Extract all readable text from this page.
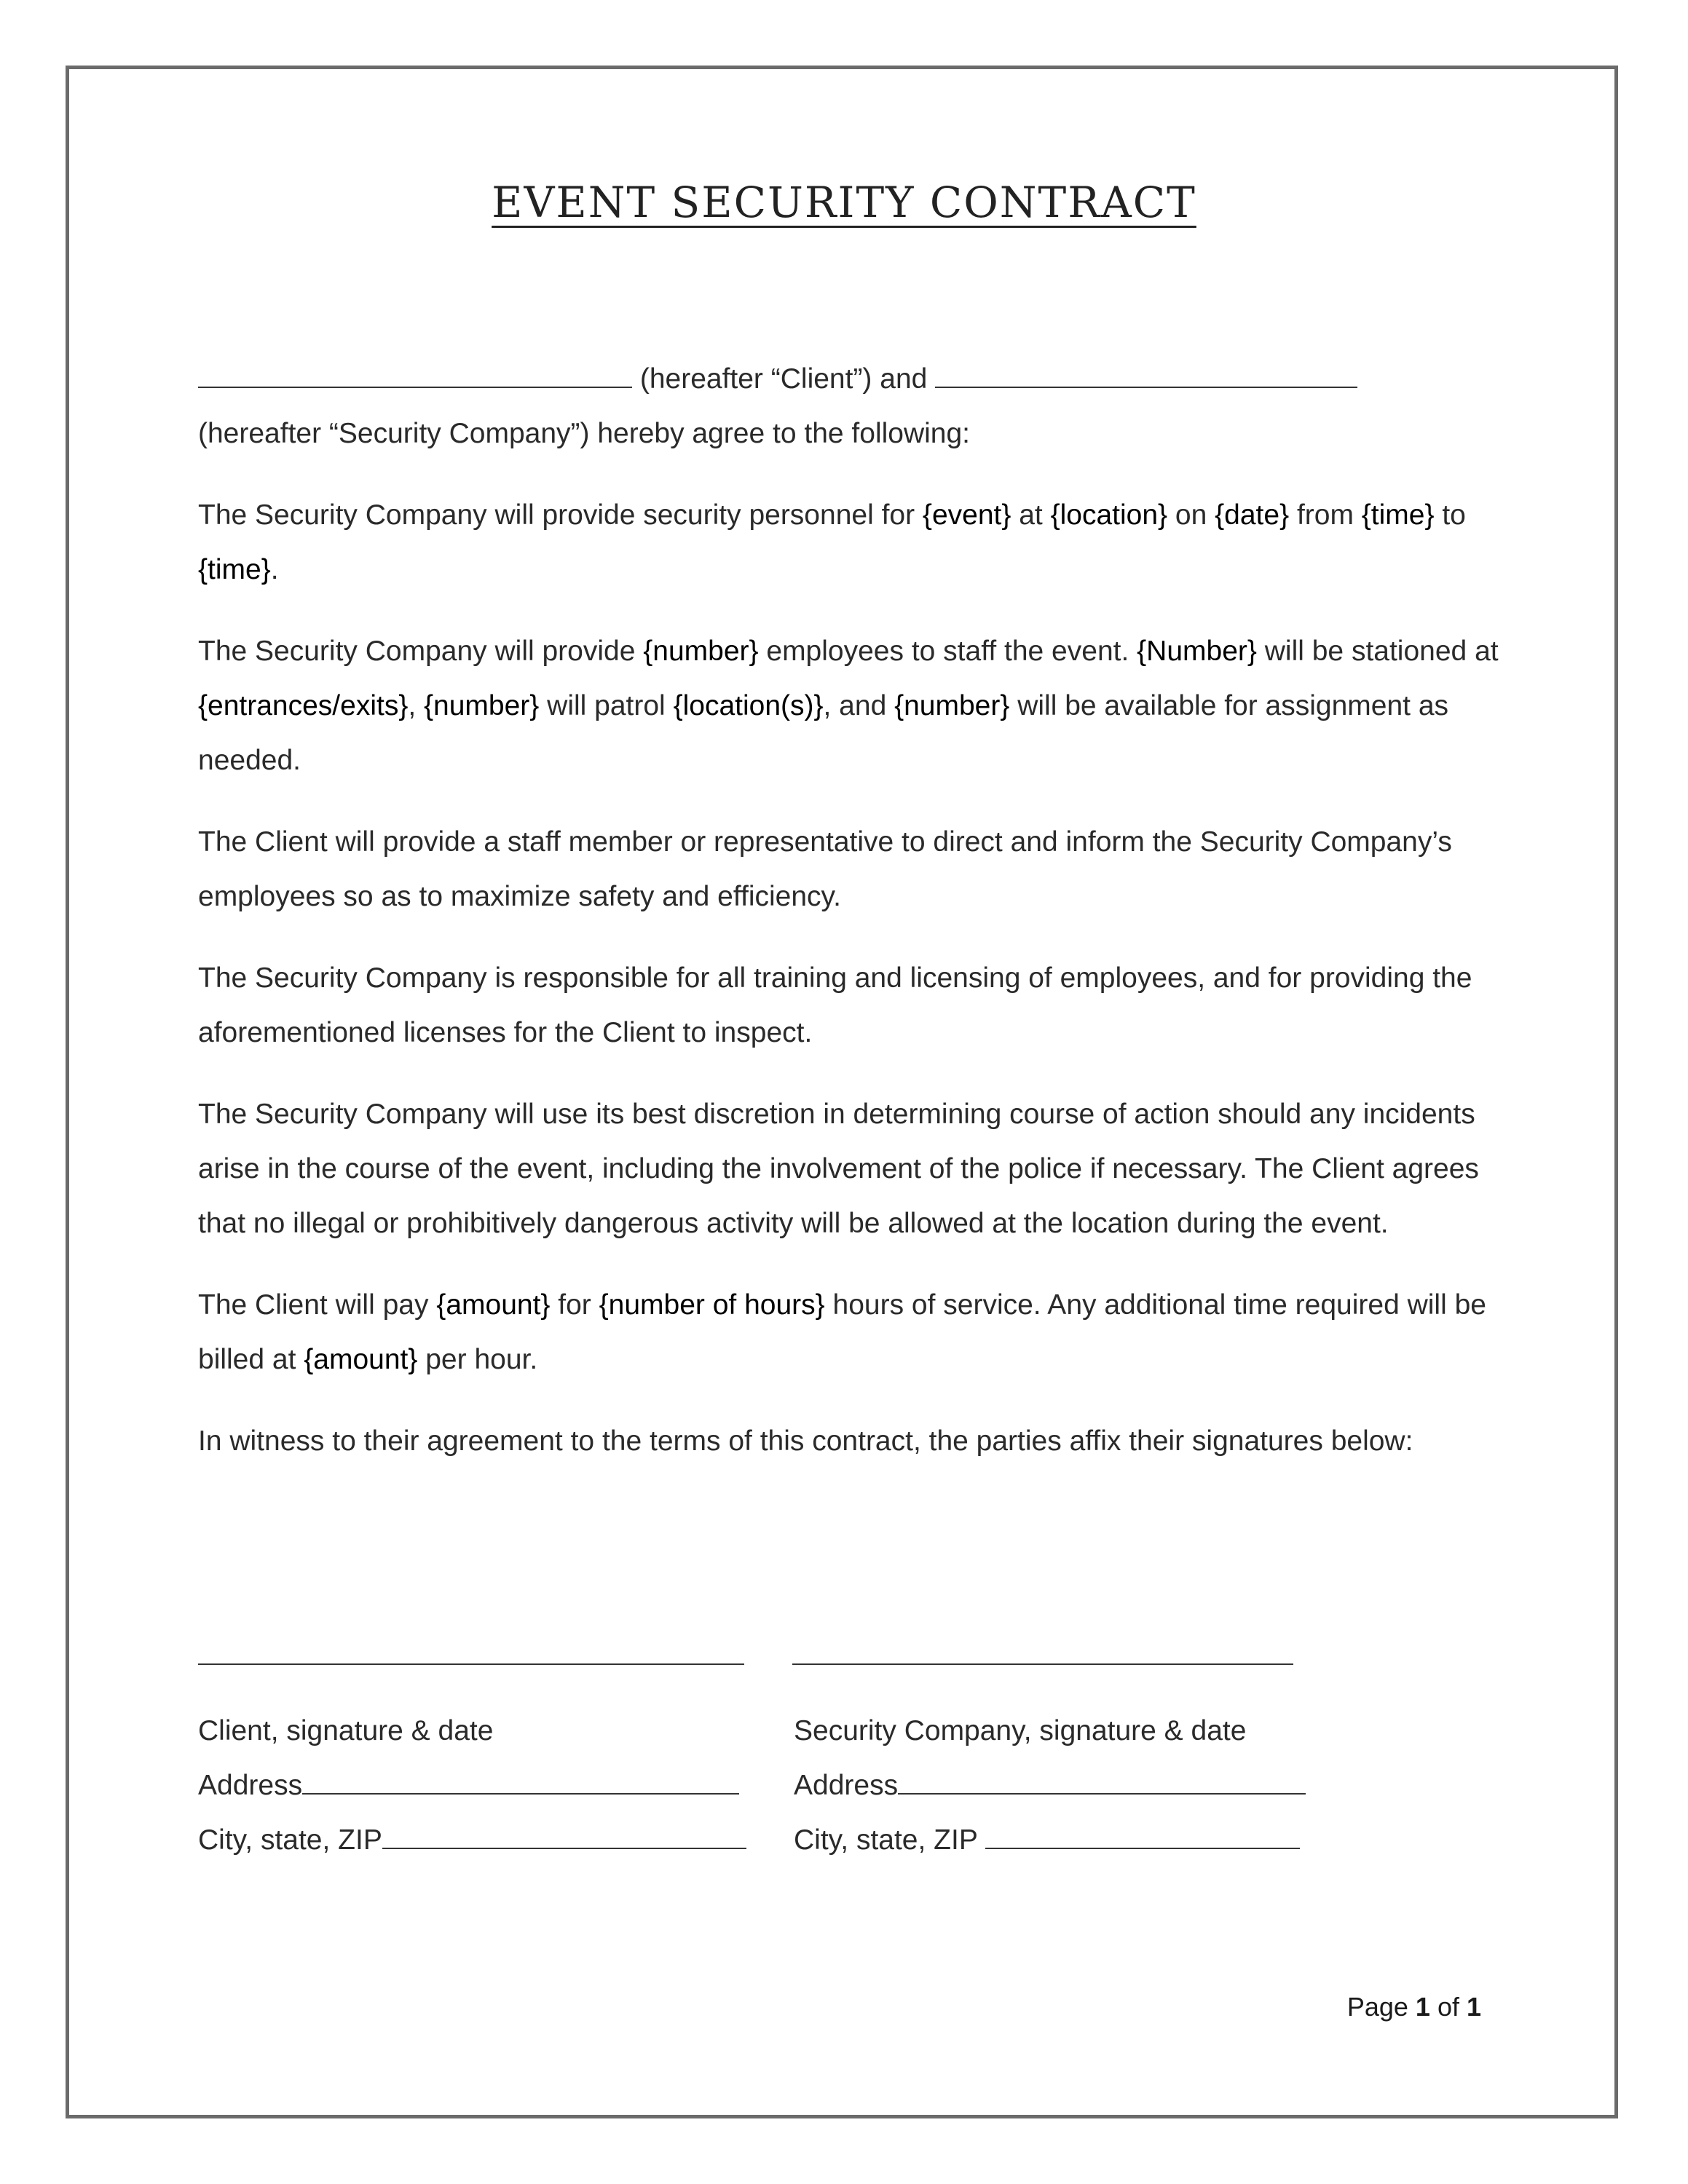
EVENT SECURITY CONTRACT

(hereafter “Client”) and
(hereafter “Security Company”) hereby agree to the following:

The Security Company will provide security personnel for {event} at {location} on {date} from {time} to {time}.

The Security Company will provide {number} employees to staff the event. {Number} will be stationed at {entrances/exits}, {number} will patrol {location(s)}, and {number} will be available for assignment as needed.

The Client will provide a staff member or representative to direct and inform the Security Company’s employees so as to maximize safety and efficiency.

The Security Company is responsible for all training and licensing of employees, and for providing the aforementioned licenses for the Client to inspect.

The Security Company will use its best discretion in determining course of action should any incidents arise in the course of the event, including the involvement of the police if necessary. The Client agrees that no illegal or prohibitively dangerous activity will be allowed at the location during the event.

The Client will pay {amount} for {number of hours} hours of service. Any additional time required will be billed at {amount} per hour.

In witness to their agreement to the terms of this contract, the parties affix their signatures below:

Client, signature & date
Address
City, state, ZIP
Security Company, signature & date
Address
City, state, ZIP
Page 1 of 1
